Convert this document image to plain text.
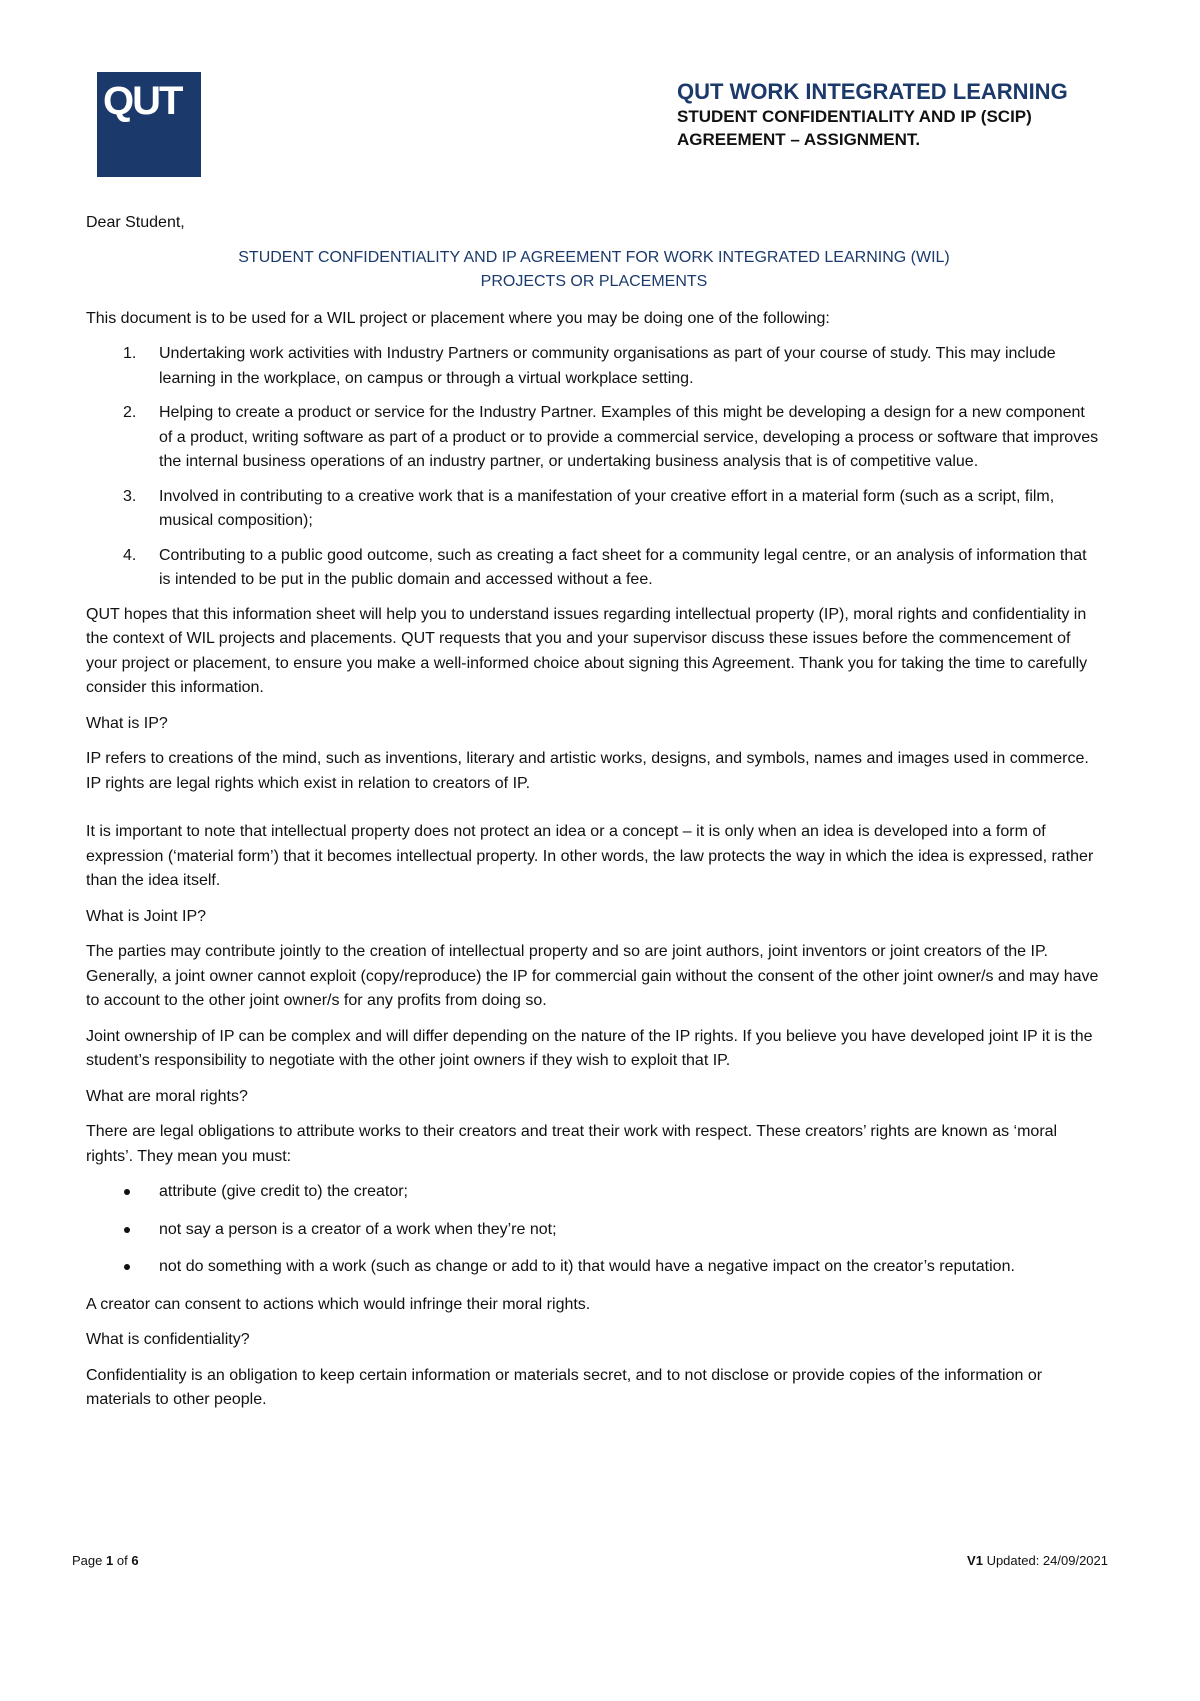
QUT	QUT WORK INTEGRATED LEARNING
STUDENT CONFIDENTIALITY AND IP (SCIP)
AGREEMENT – ASSIGNMENT.

Dear Student,

STUDENT CONFIDENTIALITY AND IP AGREEMENT FOR WORK INTEGRATED LEARNING (WIL)
PROJECTS OR PLACEMENTS

This document is to be used for a WIL project or placement where you may be doing one of the following:

1. Undertaking work activities with Industry Partners or community organisations as part of your course of study. This may include learning in the workplace, on campus or through a virtual workplace setting.
2. Helping to create a product or service for the Industry Partner. Examples of this might be developing a design for a new component of a product, writing software as part of a product or to provide a commercial service, developing a process or software that improves the internal business operations of an industry partner, or undertaking business analysis that is of competitive value.
3. Involved in contributing to a creative work that is a manifestation of your creative effort in a material form (such as a script, film, musical composition);
4. Contributing to a public good outcome, such as creating a fact sheet for a community legal centre, or an analysis of information that is intended to be put in the public domain and accessed without a fee.

QUT hopes that this information sheet will help you to understand issues regarding intellectual property (IP), moral rights and confidentiality in the context of WIL projects and placements. QUT requests that you and your supervisor discuss these issues before the commencement of your project or placement, to ensure you make a well-informed choice about signing this Agreement. Thank you for taking the time to carefully consider this information.

What is IP?

IP refers to creations of the mind, such as inventions, literary and artistic works, designs, and symbols, names and images used in commerce. IP rights are legal rights which exist in relation to creators of IP.

It is important to note that intellectual property does not protect an idea or a concept – it is only when an idea is developed into a form of expression (‘material form’) that it becomes intellectual property. In other words, the law protects the way in which the idea is expressed, rather than the idea itself.

What is Joint IP?

The parties may contribute jointly to the creation of intellectual property and so are joint authors, joint inventors or joint creators of the IP. Generally, a joint owner cannot exploit (copy/reproduce) the IP for commercial gain without the consent of the other joint owner/s and may have to account to the other joint owner/s for any profits from doing so.

Joint ownership of IP can be complex and will differ depending on the nature of the IP rights. If you believe you have developed joint IP it is the student’s responsibility to negotiate with the other joint owners if they wish to exploit that IP.

What are moral rights?

There are legal obligations to attribute works to their creators and treat their work with respect. These creators’ rights are known as ‘moral rights’. They mean you must:

attribute (give credit to) the creator;
not say a person is a creator of a work when they’re not;
not do something with a work (such as change or add to it) that would have a negative impact on the creator’s reputation.

A creator can consent to actions which would infringe their moral rights.

What is confidentiality?

Confidentiality is an obligation to keep certain information or materials secret, and to not disclose or provide copies of the information or materials to other people.

Page 1 of 6	V1 Updated: 24/09/2021
